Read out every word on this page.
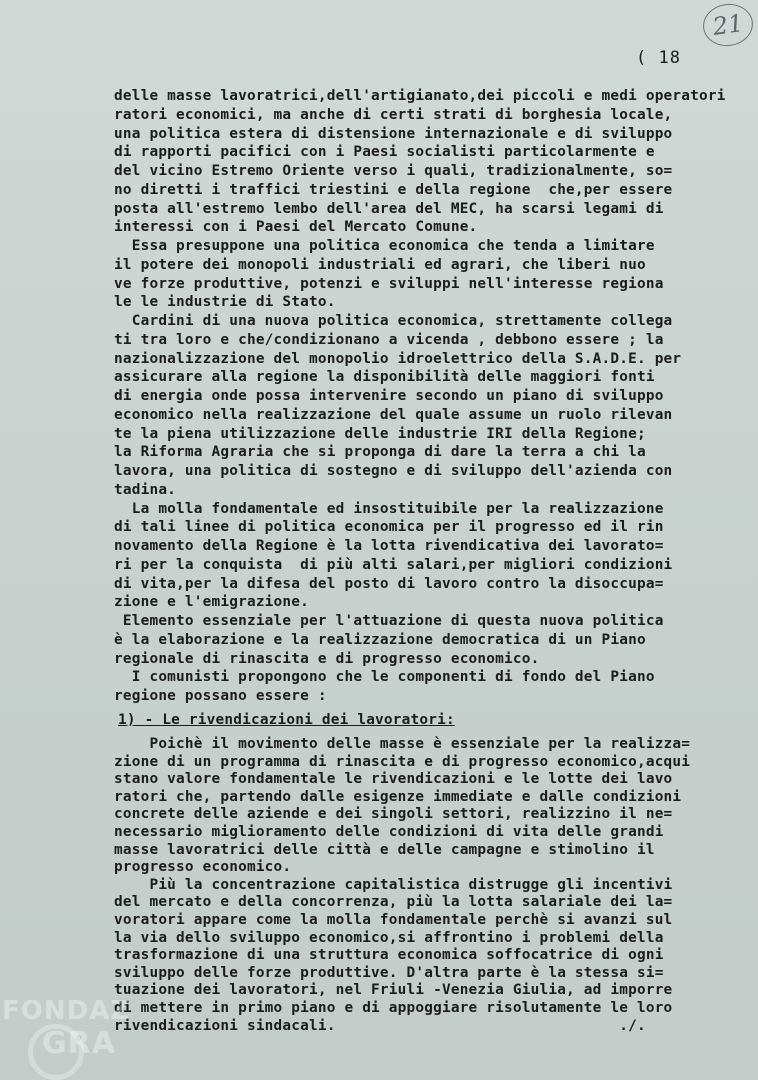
21
( 18
delle masse lavoratrici,dell'artigianato,dei piccoli e medi operatori
ratori economici, ma anche di certi strati di borghesia locale,
una politica estera di distensione internazionale e di sviluppo
di rapporti pacifici con i Paesi socialisti particolarmente e
del vicino Estremo Oriente verso i quali, tradizionalmente, so=
no diretti i traffici triestini e della regione  che,per essere
posta all'estremo lembo dell'area del MEC, ha scarsi legami di
interessi con i Paesi del Mercato Comune.
Essa presuppone una politica economica che tenda a limitare
il potere dei monopoli industriali ed agrari, che liberi nuo
ve forze produttive, potenzi e sviluppi nell'interesse regiona
le le industrie di Stato.
Cardini di una nuova politica economica, strettamente collega
ti tra loro e che/condizionano a vicenda , debbono essere ; la
nazionalizzazione del monopolio idroelettrico della S.A.D.E. per
assicurare alla regione la disponibilità delle maggiori fonti
di energia onde possa intervenire secondo un piano di sviluppo
economico nella realizzazione del quale assume un ruolo rilevan
te la piena utilizzazione delle industrie IRI della Regione;
la Riforma Agraria che si proponga di dare la terra a chi la
lavora, una politica di sostegno e di sviluppo dell'azienda con
tadina.
La molla fondamentale ed insostituibile per la realizzazione
di tali linee di politica economica per il progresso ed il rin
novamento della Regione è la lotta rivendicativa dei lavorato=
ri per la conquista  di più alti salari,per migliori condizioni
di vita,per la difesa del posto di lavoro contro la disoccupa=
zione e l'emigrazione.
Elemento essenziale per l'attuazione di questa nuova politica
è la elaborazione e la realizzazione democratica di un Piano
regionale di rinascita e di progresso economico.
I comunisti propongono che le componenti di fondo del Piano
regione possano essere :
1) - Le rivendicazioni dei lavoratori:
Poichè il movimento delle masse è essenziale per la realizza=
zione di un programma di rinascita e di progresso economico,acqui
stano valore fondamentale le rivendicazioni e le lotte dei lavo
ratori che, partendo dalle esigenze immediate e dalle condizioni
concrete delle aziende e dei singoli settori, realizzino il ne=
necessario miglioramento delle condizioni di vita delle grandi
masse lavoratrici delle città e delle campagne e stimolino il
progresso economico.
Più la concentrazione capitalistica distrugge gli incentivi
del mercato e della concorrenza, più la lotta salariale dei la=
voratori appare come la molla fondamentale perchè si avanzi sul
la via dello sviluppo economico,si affrontino i problemi della
trasformazione di una struttura economica soffocatrice di ogni
sviluppo delle forze produttive. D'altra parte è la stessa si=
tuazione dei lavoratori, nel Friuli -Venezia Giulia, ad imporre
di mettere in primo piano e di appoggiare risolutamente le loro
rivendicazioni sindacali.                                ./.
FONDAZ
GRA
